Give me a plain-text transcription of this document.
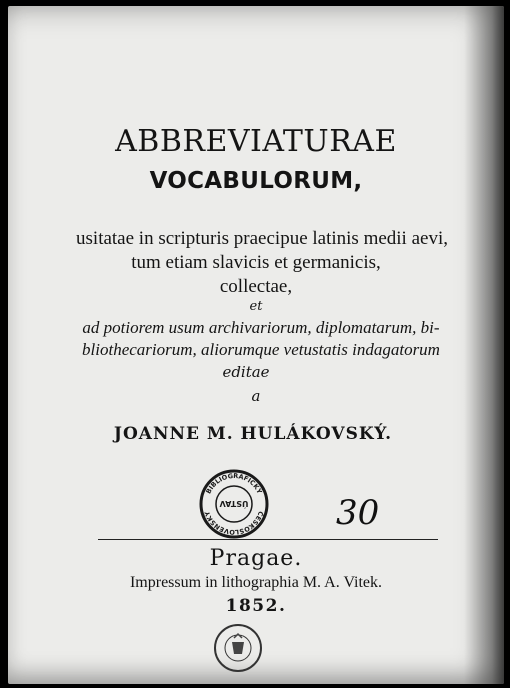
ABBREVIATURAE
VOCABULORUM,
usitatae in scripturis praecipue latinis medii aevi,
tum etiam slavicis et germanicis,
collectae,
et
ad potiorem usum archivariorum, diplomatarum, bi-
bliothecariorum, aliorumque vetustatis indagatorum
editae
a
JOANNE M. HULÁKOVSKÝ.
BIBLIOGRAFICKÝ
ČESKOSLOVENSKÝ
ÚSTAV	30
Pragae.
Impressum in lithographia M. A. Vitek.
1852.
